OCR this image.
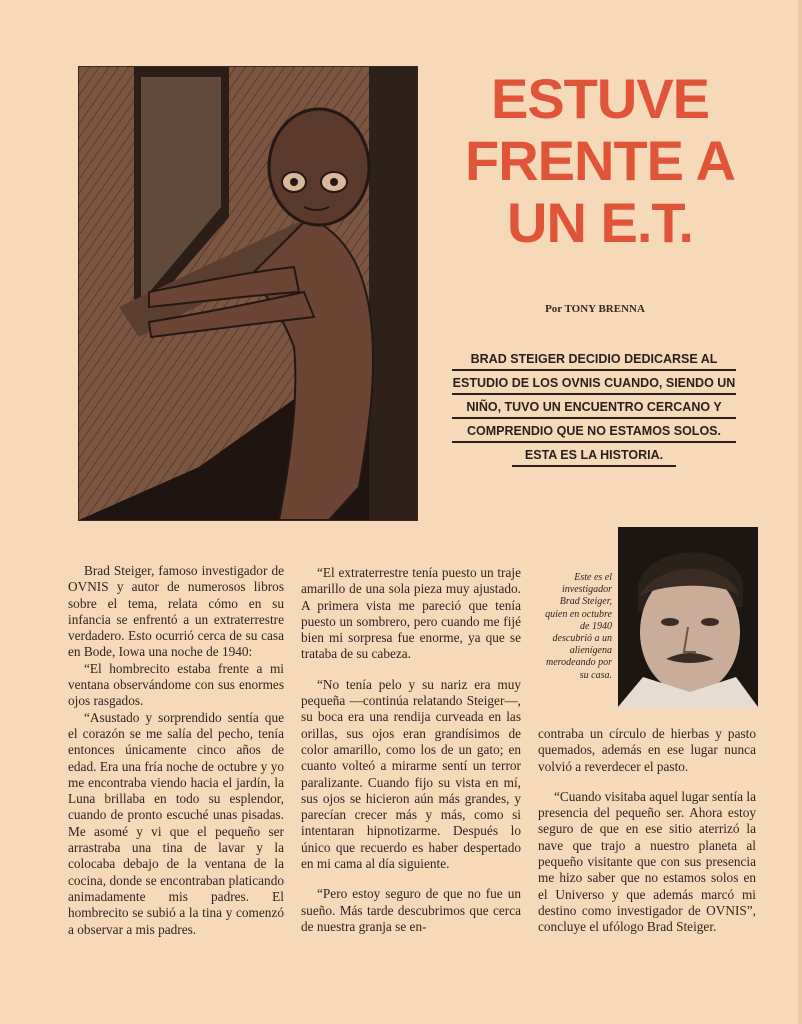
ESTUVE
FRENTE A
UN E.T.
Por TONY BRENNA
BRAD STEIGER DECIDIO DEDICARSE AL
ESTUDIO DE LOS OVNIS CUANDO, SIENDO UN
NIÑO, TUVO UN ENCUENTRO CERCANO Y
COMPRENDIO QUE NO ESTAMOS SOLOS.
ESTA ES LA HISTORIA.

Brad Steiger, famoso investigador de OVNIS y autor de numerosos libros sobre el tema, relata cómo en su infancia se enfrentó a un extraterrestre verdadero. Esto ocurrió cerca de su casa en Bode, Iowa una noche de 1940:

“El hombrecito estaba frente a mi ventana observándome con sus enormes ojos rasgados.

“Asustado y sorprendido sentía que el corazón se me salía del pecho, tenía entonces únicamente cinco años de edad. Era una fría noche de octubre y yo me encontraba viendo hacia el jardín, la Luna brillaba en todo su esplendor, cuando de pronto escuché unas pisadas. Me asomé y vi que el pequeño ser arrastraba una tina de lavar y la colocaba debajo de la ventana de la cocina, donde se encontraban platicando animadamente mis padres. El hombrecito se subió a la tina y comenzó a observar a mis padres.

“El extraterrestre tenía puesto un traje amarillo de una sola pieza muy ajustado. A primera vista me pareció que tenía puesto un sombrero, pero cuando me fijé bien mi sorpresa fue enorme, ya que se trataba de su cabeza.

“No tenía pelo y su nariz era muy pequeña —continúa relatando Steiger—, su boca era una rendija curveada en las orillas, sus ojos eran grandísimos de color amarillo, como los de un gato; en cuanto volteó a mirarme sentí un terror paralizante. Cuando fijo su vista en mí, sus ojos se hicieron aún más grandes, y parecían crecer más y más, como si intentaran hipnotizarme. Después lo único que recuerdo es haber despertado en mi cama al día siguiente.

“Pero estoy seguro de que no fue un sueño. Más tarde descubrimos que cerca de nuestra granja se en-

Este es el investigador Brad Steiger, quien en octubre de 1940 descubrió a un alienígena merodeando por su casa.

contraba un círculo de hierbas y pasto quemados, además en ese lugar nunca volvió a reverdecer el pasto.

“Cuando visitaba aquel lugar sentía la presencia del pequeño ser. Ahora estoy seguro de que en ese sitio aterrizó la nave que trajo a nuestro planeta al pequeño visitante que con sus presencia me hizo saber que no estamos solos en el Universo y que además marcó mi destino como investigador de OVNIS”, concluye el ufólogo Brad Steiger.
